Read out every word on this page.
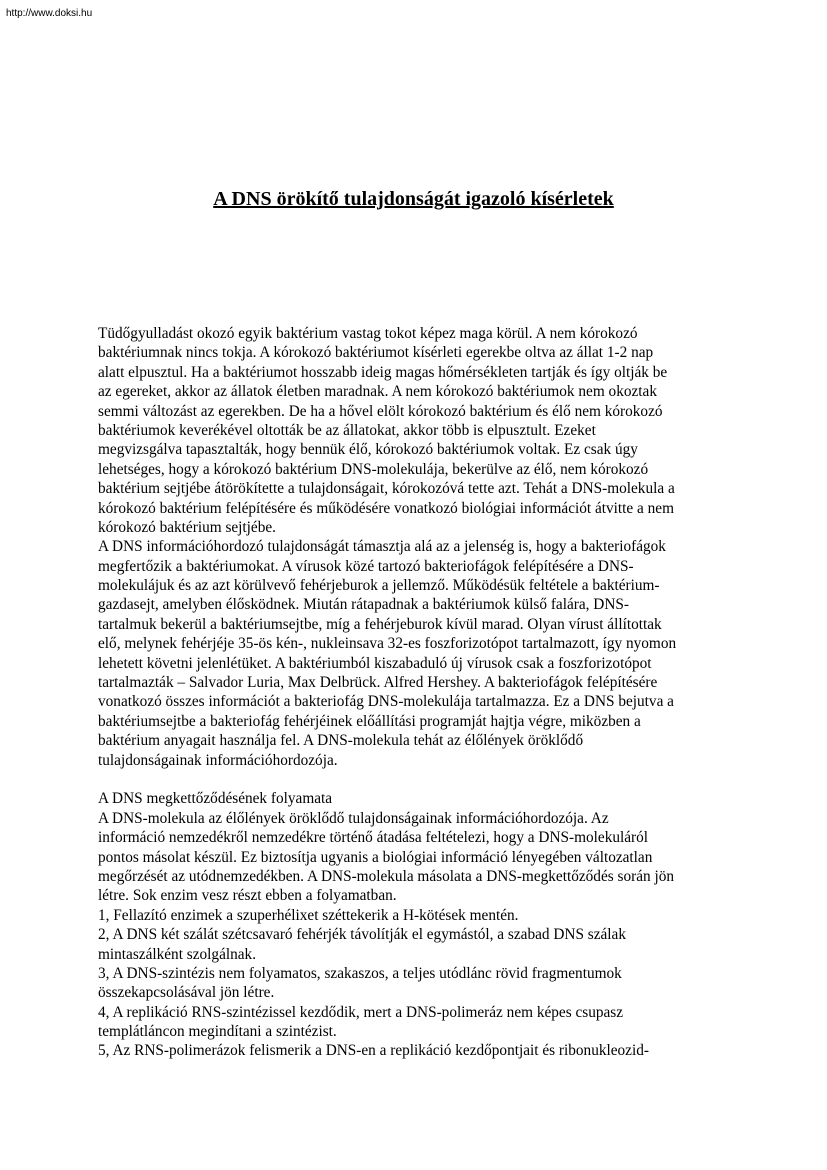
http://www.doksi.hu
A DNS örökítő tulajdonságát igazoló kísérletek
Tüdőgyulladást okozó egyik baktérium vastag tokot képez maga körül. A nem kórokozó
baktériumnak nincs tokja. A kórokozó baktériumot kísérleti egerekbe oltva az állat 1-2 nap
alatt elpusztul. Ha a baktériumot hosszabb ideig magas hőmérsékleten tartják és így oltják be
az egereket, akkor az állatok életben maradnak. A nem kórokozó baktériumok nem okoztak
semmi változást az egerekben. De ha a hővel elölt kórokozó baktérium és élő nem kórokozó
baktériumok keverékével oltották be az állatokat, akkor több is elpusztult. Ezeket
megvizsgálva tapasztalták, hogy bennük élő, kórokozó baktériumok voltak. Ez csak úgy
lehetséges, hogy a kórokozó baktérium DNS-molekulája, bekerülve az élő, nem kórokozó
baktérium sejtjébe átörökítette a tulajdonságait, kórokozóvá tette azt. Tehát a DNS-molekula a
kórokozó baktérium felépítésére és működésére vonatkozó biológiai információt átvitte a nem
kórokozó baktérium sejtjébe.
A DNS információhordozó tulajdonságát támasztja alá az a jelenség is, hogy a bakteriofágok
megfertőzik a baktériumokat. A vírusok közé tartozó bakteriofágok felépítésére a DNS-
molekulájuk és az azt körülvevő fehérjeburok a jellemző. Működésük feltétele a baktérium-
gazdasejt, amelyben élősködnek. Miután rátapadnak a baktériumok külső falára, DNS-
tartalmuk bekerül a baktériumsejtbe, míg a fehérjeburok kívül marad. Olyan vírust állítottak
elő, melynek fehérjéje 35-ös kén-, nukleinsava 32-es foszforizotópot tartalmazott, így nyomon
lehetett követni jelenlétüket. A baktériumból kiszabaduló új vírusok csak a foszforizotópot
tartalmazták – Salvador Luria, Max Delbrück. Alfred Hershey. A bakteriofágok felépítésére
vonatkozó összes információt a bakteriofág DNS-molekulája tartalmazza. Ez a DNS bejutva a
baktériumsejtbe a bakteriofág fehérjéinek előállítási programját hajtja végre, miközben a
baktérium anyagait használja fel. A DNS-molekula tehát az élőlények öröklődő
tulajdonságainak információhordozója.
A DNS megkettőződésének folyamata
A DNS-molekula az élőlények öröklődő tulajdonságainak információhordozója. Az
információ nemzedékről nemzedékre történő átadása feltételezi, hogy a DNS-molekuláról
pontos másolat készül. Ez biztosítja ugyanis a biológiai információ lényegében változatlan
megőrzését az utódnemzedékben. A DNS-molekula másolata a DNS-megkettőződés során jön
létre. Sok enzim vesz részt ebben a folyamatban.
1, Fellazító enzimek a szuperhélixet széttekerik a H-kötések mentén.
2, A DNS két szálát szétcsavaró fehérjék távolítják el egymástól, a szabad DNS szálak
mintaszálként szolgálnak.
3, A DNS-szintézis nem folyamatos, szakaszos, a teljes utódlánc rövid fragmentumok
összekapcsolásával jön létre.
4, A replikáció RNS-szintézissel kezdődik, mert a DNS-polimeráz nem képes csupasz
templátláncon megindítani a szintézist.
5, Az RNS-polimerázok felismerik a DNS-en a replikáció kezdőpontjait és ribonukleozid-
